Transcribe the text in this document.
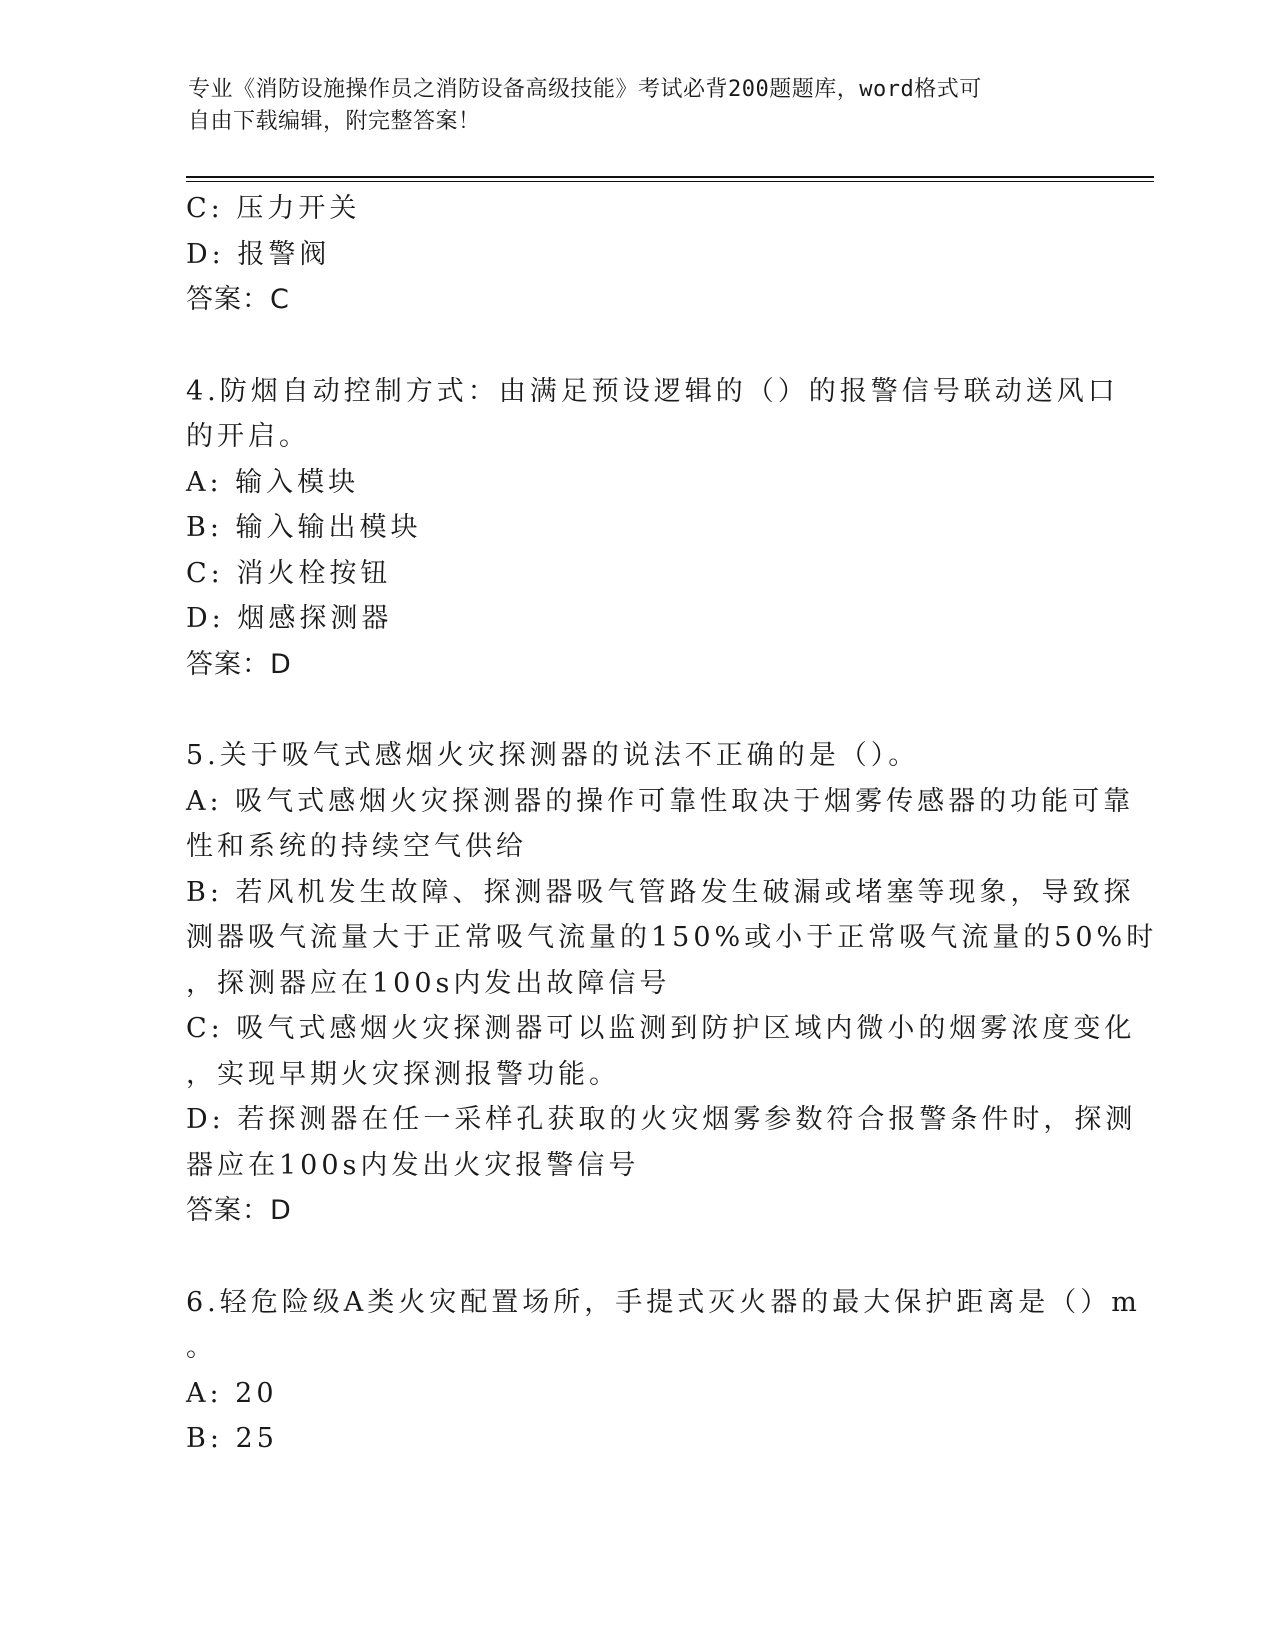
专业《消防设施操作员之消防设备高级技能》考试必背200题题库，word格式可
自由下载编辑，附完整答案！
C: 压力开关
D: 报警阀
答案：C
4.防烟自动控制方式：由满足预设逻辑的（）的报警信号联动送风口
的开启。
A: 输入模块
B: 输入输出模块
C: 消火栓按钮
D: 烟感探测器
答案：D
5.关于吸气式感烟火灾探测器的说法不正确的是（）。
A: 吸气式感烟火灾探测器的操作可靠性取决于烟雾传感器的功能可靠
性和系统的持续空气供给
B: 若风机发生故障、探测器吸气管路发生破漏或堵塞等现象，导致探
测器吸气流量大于正常吸气流量的150%或小于正常吸气流量的50%时
，探测器应在100s内发出故障信号
C: 吸气式感烟火灾探测器可以监测到防护区域内微小的烟雾浓度变化
，实现早期火灾探测报警功能。
D: 若探测器在任一采样孔获取的火灾烟雾参数符合报警条件时，探测
器应在100s内发出火灾报警信号
答案：D
6.轻危险级A类火灾配置场所，手提式灭火器的最大保护距离是（）m
。
A: 20
B: 25
